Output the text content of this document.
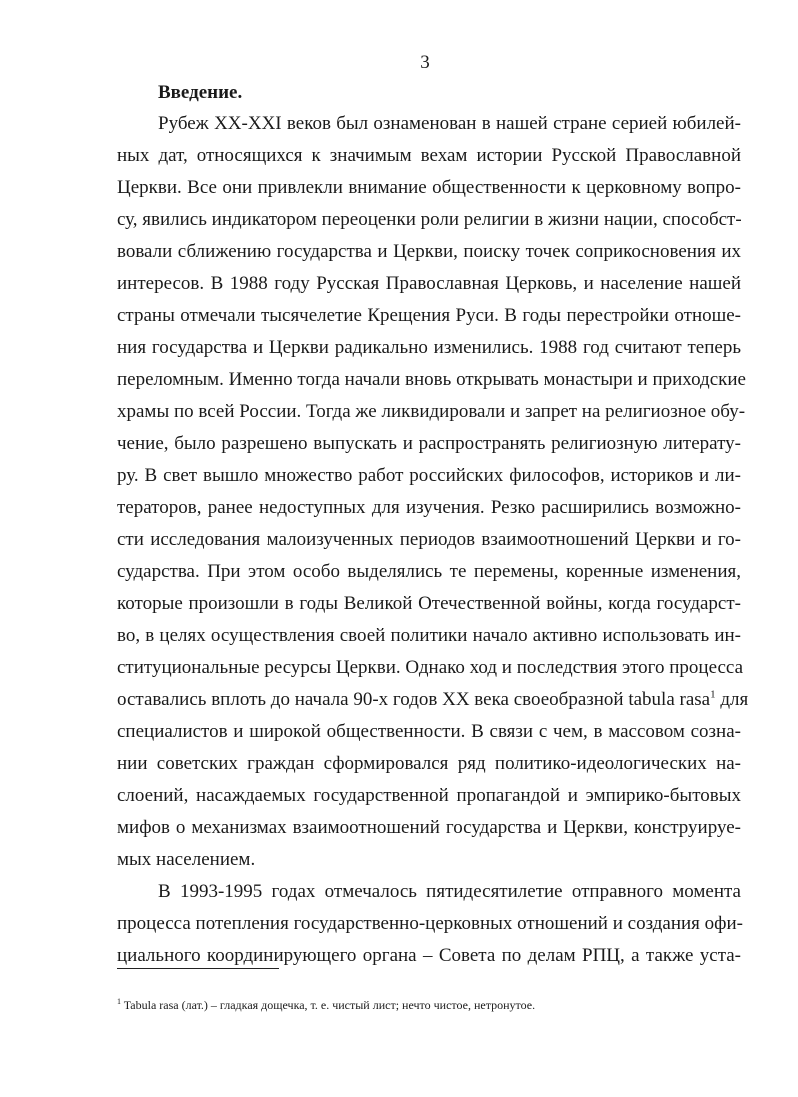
3
Введение.
Рубеж XX-XXI веков был ознаменован в нашей стране серией юбилей-
ных дат, относящихся к значимым вехам истории Русской Православной
Церкви. Все они привлекли внимание общественности к церковному вопро-
су, явились индикатором переоценки роли религии в жизни нации, способст-
вовали сближению государства и Церкви, поиску точек соприкосновения их
интересов. В 1988 году Русская Православная Церковь, и население нашей
страны отмечали тысячелетие Крещения Руси. В годы перестройки отноше-
ния государства и Церкви радикально изменились. 1988 год считают теперь
переломным. Именно тогда начали вновь открывать монастыри и приходские
храмы по всей России. Тогда же ликвидировали и запрет на религиозное обу-
чение, было разрешено выпускать и распространять религиозную литерату-
ру. В свет вышло множество работ российских философов, историков и ли-
тераторов, ранее недоступных для изучения. Резко расширились возможно-
сти исследования малоизученных периодов взаимоотношений Церкви и го-
сударства. При этом особо выделялись те перемены, коренные изменения,
которые произошли в годы Великой Отечественной войны, когда государст-
во, в целях осуществления своей политики начало активно использовать ин-
ституциональные ресурсы Церкви. Однако ход и последствия этого процесса
оставались вплоть до начала 90-х годов XX века своеобразной tabula rasa$^1$ для
специалистов и широкой общественности. В связи с чем, в массовом созна-
нии советских граждан сформировался ряд политико-идеологических на-
слоений, насаждаемых государственной пропагандой и эмпирико-бытовых
мифов о механизмах взаимоотношений государства и Церкви, конструируе-
мых населением.
В 1993-1995 годах отмечалось пятидесятилетие отправного момента
процесса потепления государственно-церковных отношений и создания офи-
циального координирующего органа – Совета по делам РПЦ, а также уста-
$^1$ Tabula rasa (лат.) – гладкая дощечка, т. е. чистый лист; нечто чистое, нетронутое.
